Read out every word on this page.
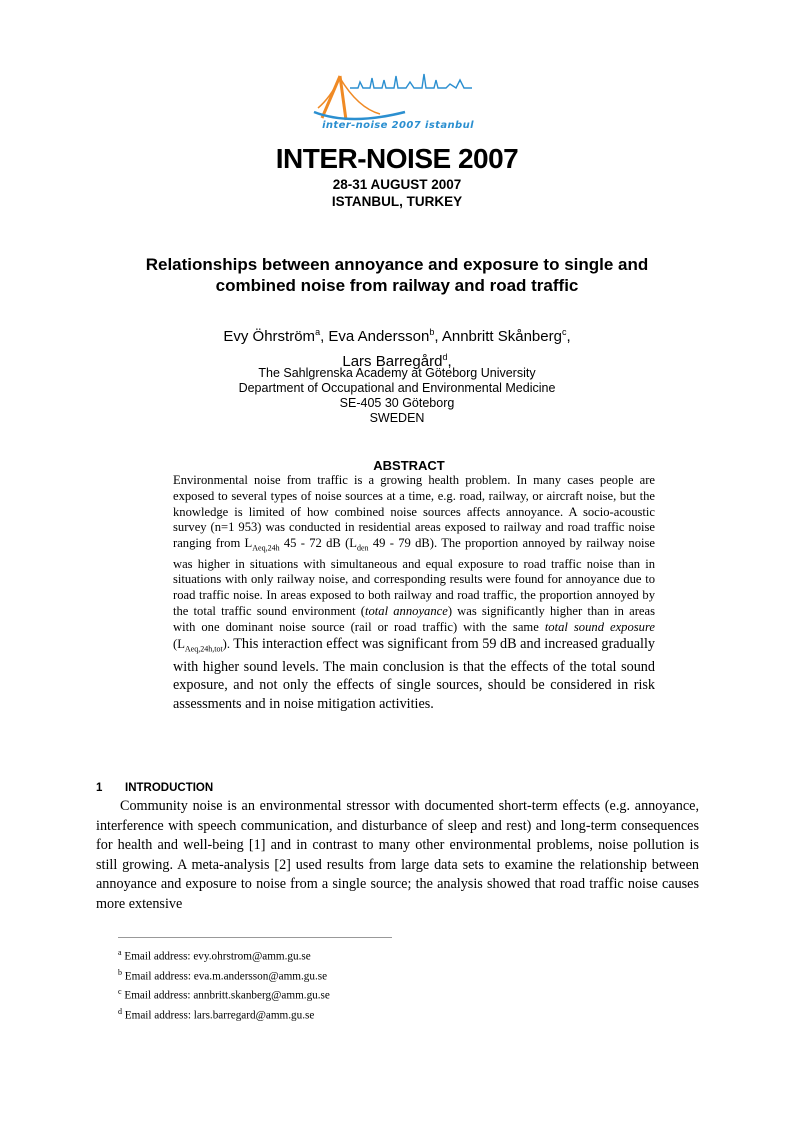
inter-noise 2007 istanbul
INTER-NOISE 2007
28-31 AUGUST 2007
ISTANBUL, TURKEY
Relationships between annoyance and exposure to single and
combined noise from railway and road traffic
Evy Öhrström$^a$, Eva Andersson$^b$, Annbritt Skånberg$^c$,
Lars Barregård$^d$,
The Sahlgrenska Academy at Göteborg University
Department of Occupational and Environmental Medicine
SE-405 30 Göteborg
SWEDEN
ABSTRACT
Environmental noise from traffic is a growing health problem. In many cases people are exposed to several types of noise sources at a time, e.g. road, railway, or aircraft noise, but the knowledge is limited of how combined noise sources affects annoyance. A socio-acoustic survey (n=1 953) was conducted in residential areas exposed to railway and road traffic noise ranging from $L_{Aeq,24h}$ 45 - 72 dB ($L_{den}$ 49 - 79 dB). The proportion annoyed by railway noise was higher in situations with simultaneous and equal exposure to road traffic noise than in situations with only railway noise, and corresponding results were found for annoyance due to road traffic noise. In areas exposed to both railway and road traffic, the proportion annoyed by the total traffic sound environment (total annoyance) was significantly higher than in areas with one dominant noise source (rail or road traffic) with the same total sound exposure $(L_{Aeq,24h,tot})$. This interaction effect was significant from 59 dB and increased gradually with higher sound levels. The main conclusion is that the effects of the total sound exposure, and not only the effects of single sources, should be considered in risk assessments and in noise mitigation activities.
1 INTRODUCTION
Community noise is an environmental stressor with documented short-term effects (e.g. annoyance, interference with speech communication, and disturbance of sleep and rest) and long-term consequences for health and well-being [1] and in contrast to many other environmental problems, noise pollution is still growing. A meta-analysis [2] used results from large data sets to examine the relationship between annoyance and exposure to noise from a single source; the analysis showed that road traffic noise causes more extensive
$^a$ Email address: evy.ohrstrom@amm.gu.se
$^b$ Email address: eva.m.andersson@amm.gu.se
$^c$ Email address: annbritt.skanberg@amm.gu.se
$^d$ Email address: lars.barregard@amm.gu.se
